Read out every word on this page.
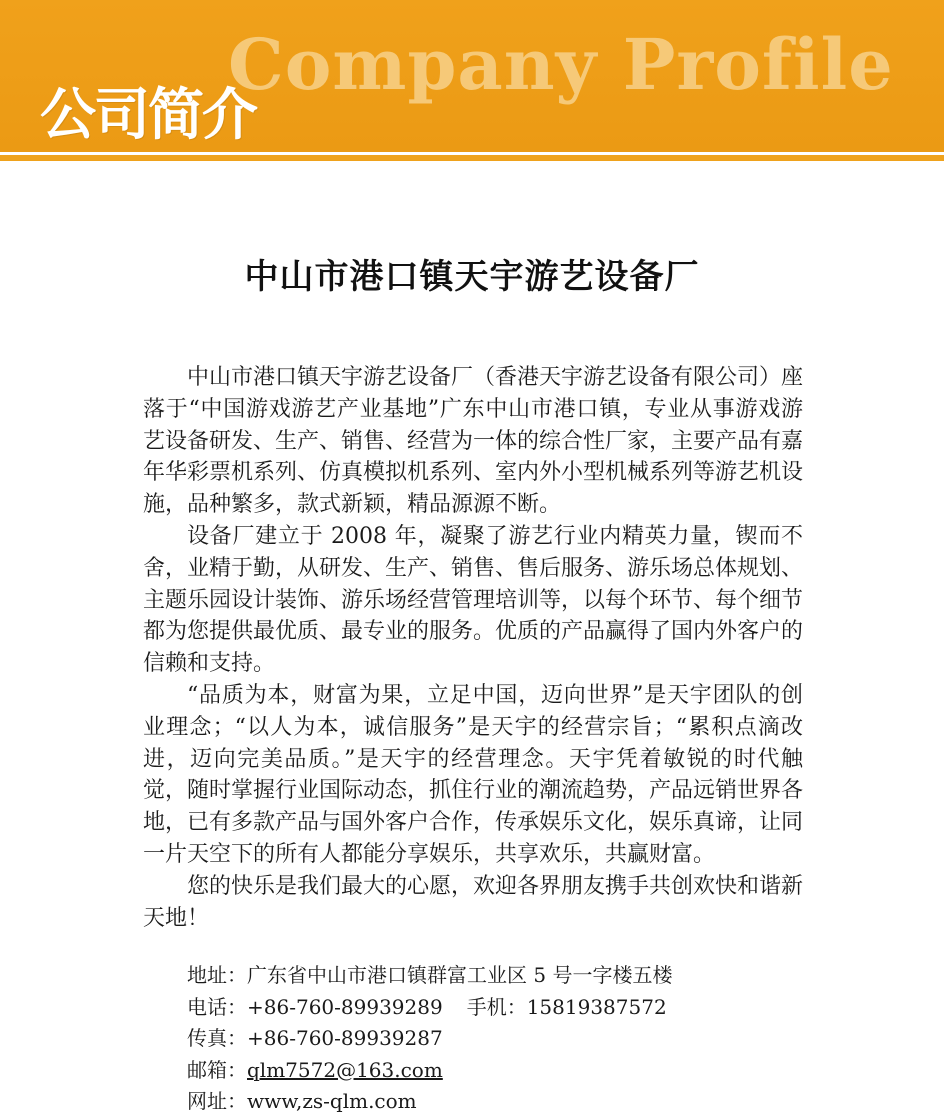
Company Profile
公司简介
中山市港口镇天宇游艺设备厂

中山市港口镇天宇游艺设备厂（香港天宇游艺设备有限公司）座落于“中国游戏游艺产业基地”广东中山市港口镇，专业从事游戏游艺设备研发、生产、销售、经营为一体的综合性厂家，主要产品有嘉年华彩票机系列、仿真模拟机系列、室内外小型机械系列等游艺机设施，品种繁多，款式新颖，精品源源不断。

设备厂建立于 2008 年，凝聚了游艺行业内精英力量，锲而不舍，业精于勤，从研发、生产、销售、售后服务、游乐场总体规划、主题乐园设计装饰、游乐场经营管理培训等，以每个环节、每个细节都为您提供最优质、最专业的服务。优质的产品赢得了国内外客户的信赖和支持。

“品质为本，财富为果，立足中国，迈向世界”是天宇团队的创业理念；“以人为本，诚信服务”是天宇的经营宗旨；“累积点滴改进，迈向完美品质。”是天宇的经营理念。天宇凭着敏锐的时代触觉，随时掌握行业国际动态，抓住行业的潮流趋势，产品远销世界各地，已有多款产品与国外客户合作，传承娱乐文化，娱乐真谛，让同一片天空下的所有人都能分享娱乐，共享欢乐，共赢财富。

您的快乐是我们最大的心愿，欢迎各界朋友携手共创欢快和谐新天地！

地址：广东省中山市港口镇群富工业区 5 号一字楼五楼
电话：+86-760-89939289 手机：15819387572
传真：+86-760-89939287
邮箱：qlm7572@163.com
网址：www,zs-qlm.com
